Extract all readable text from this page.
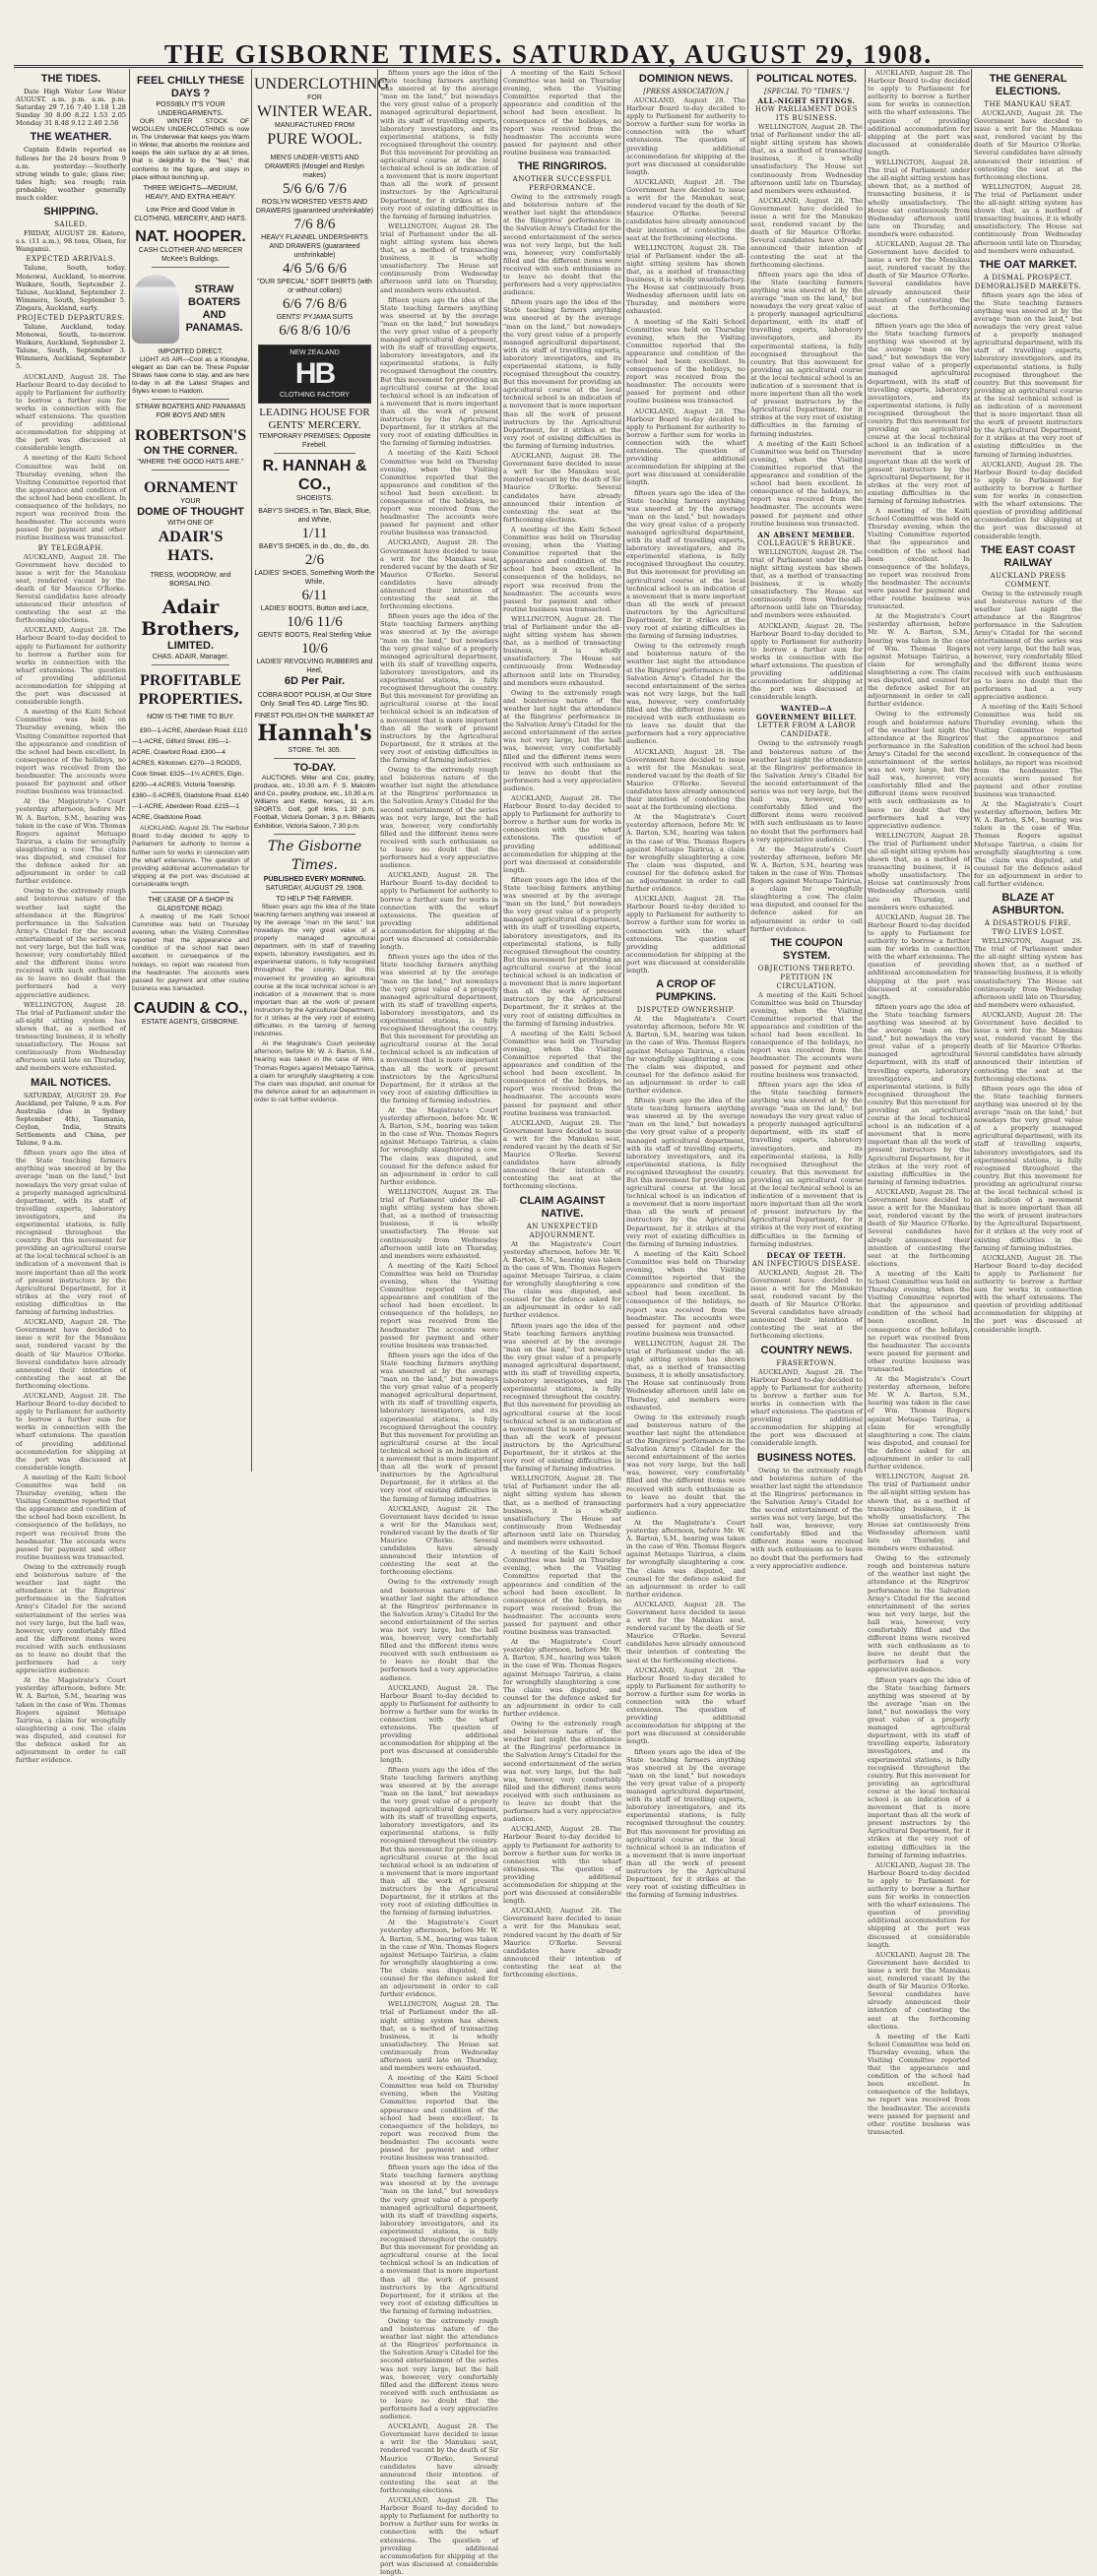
THE GISBORNE TIMES. SATURDAY, AUGUST 29, 1908.
THE TIDES.

Date High Water Low Water AUGUST. a.m. p.m. a.m. p.m. Saturday 29 7.16 7.40 1.18 1.28 Sunday 30 8.00 8.22 1.53 2.05 Monday 31 8.48 9.12 2.40 2.56

THE WEATHER.

Captain Edwin reported as follows for the 24 hours from 9 a.m. yesterday:—Southerly strong winds to gale; glass rise; tides high; sea rough; rain probable; weather generally much colder.

SHIPPING.
SAILED.

FRIDAY, AUGUST 28. Katoro, s.s. (11 a.m.), 98 tons, Olsen, for Wanganui.

EXPECTED ARRIVALS.

Talune, South, today. Monowai, Auckland, to-morrow. Waikare, South, September 2. Talune, Auckland, September 2. Wimmera, South, September 5. Zingara, Auckland, early.

PROJECTED DEPARTURES.

Talune, Auckland, today. Monowai, South, to-morrow. Waikare, Auckland, September 2. Talune, South, September 3. Wimmera, Auckland, September 5.

AUCKLAND, August 28. The Harbour Board to-day decided to apply to Parliament for authority to borrow a further sum for works in connection with the wharf extensions. The question of providing additional accommodation for shipping at the port was discussed at considerable length.

A meeting of the Kaiti School Committee was held on Thursday evening, when the Visiting Committee reported that the appearance and condition of the school had been excellent. In consequence of the holidays, no report was received from the headmaster. The accounts were passed for payment and other routine business was transacted.

BY TELEGRAPH.

AUCKLAND, August 28. The Government have decided to issue a writ for the Manukau seat, rendered vacant by the death of Sir Maurice O'Rorke. Several candidates have already announced their intention of contesting the seat at the forthcoming elections.

AUCKLAND, August 28. The Harbour Board to-day decided to apply to Parliament for authority to borrow a further sum for works in connection with the wharf extensions. The question of providing additional accommodation for shipping at the port was discussed at considerable length.

A meeting of the Kaiti School Committee was held on Thursday evening, when the Visiting Committee reported that the appearance and condition of the school had been excellent. In consequence of the holidays, no report was received from the headmaster. The accounts were passed for payment and other routine business was transacted.

At the Magistrate's Court yesterday afternoon, before Mr. W. A. Barton, S.M., hearing was taken in the case of Wm. Thomas Rogers against Metuapo Tairirua, a claim for wrongfully slaughtering a cow. The claim was disputed, and counsel for the defence asked for an adjournment in order to call further evidence.

Owing to the extremely rough and boisterous nature of the weather last night the attendance at the Ringriros' performance in the Salvation Army's Citadel for the second entertainment of the series was not very large, but the hall was, however, very comfortably filled and the different items were received with such enthusiasm as to leave no doubt that the performers had a very appreciative audience.

WELLINGTON, August 28. The trial of Parliament under the all-night sitting system has shown that, as a method of transacting business, it is wholly unsatisfactory. The House sat continuously from Wednesday afternoon until late on Thursday, and members were exhausted.

MAIL NOTICES.

SATURDAY, AUGUST 29. For Auckland, per Talune, 9 a.m. For Australia (due in Sydney September 4th), Tasmania, Ceylon, India, Straits Settlements and China, per Talune, 9 a.m.

fifteen years ago the idea of the State teaching farmers anything was sneered at by the average "man on the land," but nowadays the very great value of a properly managed agricultural department, with its staff of travelling experts, laboratory investigators, and its experimental stations, is fully recognised throughout the country. But this movement for providing an agricultural course at the local technical school is an indication of a movement that is more important than all the work of present instructors by the Agricultural Department, for it strikes at the very root of existing difficulties in the farming of farming industries.

AUCKLAND, August 28. The Government have decided to issue a writ for the Manukau seat, rendered vacant by the death of Sir Maurice O'Rorke. Several candidates have already announced their intention of contesting the seat at the forthcoming elections.

AUCKLAND, August 28. The Harbour Board to-day decided to apply to Parliament for authority to borrow a further sum for works in connection with the wharf extensions. The question of providing additional accommodation for shipping at the port was discussed at considerable length.

A meeting of the Kaiti School Committee was held on Thursday evening, when the Visiting Committee reported that the appearance and condition of the school had been excellent. In consequence of the holidays, no report was received from the headmaster. The accounts were passed for payment and other routine business was transacted.

Owing to the extremely rough and boisterous nature of the weather last night the attendance at the Ringriros' performance in the Salvation Army's Citadel for the second entertainment of the series was not very large, but the hall was, however, very comfortably filled and the different items were received with such enthusiasm as to leave no doubt that the performers had a very appreciative audience.

At the Magistrate's Court yesterday afternoon, before Mr. W. A. Barton, S.M., hearing was taken in the case of Wm. Thomas Rogers against Metuapo Tairirua, a claim for wrongfully slaughtering a cow. The claim was disputed, and counsel for the defence asked for an adjournment in order to call further evidence.

FEEL CHILLY THESE DAYS ?
POSSIBLY IT'S YOUR UNDERGARMENTS.

OUR WINTER STOCK OF WOOLLEN UNDERCLOTHING is now in. The Underwear that keeps you Warm in Winter, that absorbs the moisture and keeps the skin surface dry at all times, that is delightful to the "feel," that conforms to the figure, and stays in place without bunching up.

THREE WEIGHTS—MEDIUM, HEAVY, AND EXTRA HEAVY.
Low Price and Good Value in CLOTHING, MERCERY, AND HATS.
NAT. HOOPER.
CASH CLOTHIER AND MERCER McKee's Buildings.
STRAW BOATERS AND PANAMAS.
IMPORTED DIRECT.

LIGHT AS AIR—Cool as a Klondyke, elegant as Dan can be. These Popular Straws have come to stay, and are here to-day in all the Latest Shapes and Styles known to Hatdom.

STRAW BOATERS AND PANAMAS
FOR BOYS AND MEN
ROBERTSON'S
ON THE CORNER.
"WHERE THE GOOD HATS ARE."
ORNAMENT
YOUR
DOME OF THOUGHT
WITH ONE OF
ADAIR'S
HATS.
TRESS, WOODROW, and BORSALINO.
Adair Brothers,
LIMITED.
CHAS. ADAIR, Manager.
PROFITABLE PROPERTIES.
NOW IS THE TIME TO BUY.

£90—1-ACRE, Aberdeen Road. £110—1-ACRE, Gilford Street. £95—1-ACRE, Crawford Road. £300—4 ACRES, Kirkstown. £270—3 ROODS, Cook Street. £325—1½ ACRES, Elgin. £200—4 ACRES, Victoria Township. £380—5 ACRES, Gladstone Road. £140—1-ACRE, Aberdeen Road. £215—1 ACRE, Gladstone Road.

AUCKLAND, August 28. The Harbour Board to-day decided to apply to Parliament for authority to borrow a further sum for works in connection with the wharf extensions. The question of providing additional accommodation for shipping at the port was discussed at considerable length.

THE LEASE OF A SHOP IN GLADSTONE ROAD.

A meeting of the Kaiti School Committee was held on Thursday evening, when the Visiting Committee reported that the appearance and condition of the school had been excellent. In consequence of the holidays, no report was received from the headmaster. The accounts were passed for payment and other routine business was transacted.

CAUDIN & CO.,
ESTATE AGENTS, GISBORNE.
UNDERCLOTHING
FOR
WINTER WEAR.
MANUFACTURED FROM
PURE WOOL.
MEN'S UNDER-VESTS AND DRAWERS (Mosgiel and Roslyn makes)
5/6 6/6 7/6
ROSLYN WORSTED VESTS AND DRAWERS (guaranteed unshrinkable)
7/6 8/6
HEAVY FLANNEL UNDERSHIRTS AND DRAWERS (guaranteed unshrinkable)
4/6 5/6 6/6
"OUR SPECIAL" SOFT SHIRTS (with or without collars)
6/6 7/6 8/6
GENTS' PYJAMA SUITS
6/6 8/6 10/6
NEW ZEALAND
HB
CLOTHING FACTORY
LEADING HOUSE FOR GENTS' MERCERY.
TEMPORARY PREMISES: Opposite Firebell.
R. HANNAH & CO.,
SHOEISTS.
BABY'S SHOES, in Tan, Black, Blue, and White,
1/11
BABY'S SHOES, in do., do., do., do.
2/6
LADIES' SHOES, Something Worth the While,
6/11
LADIES' BOOTS, Button and Lace,
10/6 11/6
GENTS' BOOTS, Real Sterling Value
10/6
LADIES' REVOLVING RUBBERS and Heel,
6D Per Pair.
COBRA BOOT POLISH, at Our Store Only. Small Tins 4D. Large Tins 9D.
FINEST POLISH ON THE MARKET AT
Hannah's
STORE. Tel. 305.
TO-DAY.

AUCTIONS. Miller and Cox, poultry, produce, etc., 10.30 a.m. F. S. Malcolm and Co., poultry, produce, etc., 10.30 a.m. Williams and Kettle, horses, 11 a.m. SPORTS. Golf, golf links, 1.30 p.m. Football, Victoria Domain, 3 p.m. Billiards Exhibition, Victoria Saloon, 7.30 p.m.

The Gisborne Times.
PUBLISHED EVERY MORNING.
SATURDAY, AUGUST 29, 1908.
TO HELP THE FARMER.

fifteen years ago the idea of the State teaching farmers anything was sneered at by the average "man on the land," but nowadays the very great value of a properly managed agricultural department, with its staff of travelling experts, laboratory investigators, and its experimental stations, is fully recognised throughout the country. But this movement for providing an agricultural course at the local technical school is an indication of a movement that is more important than all the work of present instructors by the Agricultural Department, for it strikes at the very root of existing difficulties in the farming of farming industries.

At the Magistrate's Court yesterday afternoon, before Mr. W. A. Barton, S.M., hearing was taken in the case of Wm. Thomas Rogers against Metuapo Tairirua, a claim for wrongfully slaughtering a cow. The claim was disputed, and counsel for the defence asked for an adjournment in order to call further evidence.

fifteen years ago the idea of the State teaching farmers anything was sneered at by the average "man on the land," but nowadays the very great value of a properly managed agricultural department, with its staff of travelling experts, laboratory investigators, and its experimental stations, is fully recognised throughout the country. But this movement for providing an agricultural course at the local technical school is an indication of a movement that is more important than all the work of present instructors by the Agricultural Department, for it strikes at the very root of existing difficulties in the farming of farming industries.

WELLINGTON, August 28. The trial of Parliament under the all-night sitting system has shown that, as a method of transacting business, it is wholly unsatisfactory. The House sat continuously from Wednesday afternoon until late on Thursday, and members were exhausted.

fifteen years ago the idea of the State teaching farmers anything was sneered at by the average "man on the land," but nowadays the very great value of a properly managed agricultural department, with its staff of travelling experts, laboratory investigators, and its experimental stations, is fully recognised throughout the country. But this movement for providing an agricultural course at the local technical school is an indication of a movement that is more important than all the work of present instructors by the Agricultural Department, for it strikes at the very root of existing difficulties in the farming of farming industries.

A meeting of the Kaiti School Committee was held on Thursday evening, when the Visiting Committee reported that the appearance and condition of the school had been excellent. In consequence of the holidays, no report was received from the headmaster. The accounts were passed for payment and other routine business was transacted.

AUCKLAND, August 28. The Government have decided to issue a writ for the Manukau seat, rendered vacant by the death of Sir Maurice O'Rorke. Several candidates have already announced their intention of contesting the seat at the forthcoming elections.

fifteen years ago the idea of the State teaching farmers anything was sneered at by the average "man on the land," but nowadays the very great value of a properly managed agricultural department, with its staff of travelling experts, laboratory investigators, and its experimental stations, is fully recognised throughout the country. But this movement for providing an agricultural course at the local technical school is an indication of a movement that is more important than all the work of present instructors by the Agricultural Department, for it strikes at the very root of existing difficulties in the farming of farming industries.

Owing to the extremely rough and boisterous nature of the weather last night the attendance at the Ringriros' performance in the Salvation Army's Citadel for the second entertainment of the series was not very large, but the hall was, however, very comfortably filled and the different items were received with such enthusiasm as to leave no doubt that the performers had a very appreciative audience.

AUCKLAND, August 28. The Harbour Board to-day decided to apply to Parliament for authority to borrow a further sum for works in connection with the wharf extensions. The question of providing additional accommodation for shipping at the port was discussed at considerable length.

fifteen years ago the idea of the State teaching farmers anything was sneered at by the average "man on the land," but nowadays the very great value of a properly managed agricultural department, with its staff of travelling experts, laboratory investigators, and its experimental stations, is fully recognised throughout the country. But this movement for providing an agricultural course at the local technical school is an indication of a movement that is more important than all the work of present instructors by the Agricultural Department, for it strikes at the very root of existing difficulties in the farming of farming industries.

At the Magistrate's Court yesterday afternoon, before Mr. W. A. Barton, S.M., hearing was taken in the case of Wm. Thomas Rogers against Metuapo Tairirua, a claim for wrongfully slaughtering a cow. The claim was disputed, and counsel for the defence asked for an adjournment in order to call further evidence.

WELLINGTON, August 28. The trial of Parliament under the all-night sitting system has shown that, as a method of transacting business, it is wholly unsatisfactory. The House sat continuously from Wednesday afternoon until late on Thursday, and members were exhausted.

A meeting of the Kaiti School Committee was held on Thursday evening, when the Visiting Committee reported that the appearance and condition of the school had been excellent. In consequence of the holidays, no report was received from the headmaster. The accounts were passed for payment and other routine business was transacted.

fifteen years ago the idea of the State teaching farmers anything was sneered at by the average "man on the land," but nowadays the very great value of a properly managed agricultural department, with its staff of travelling experts, laboratory investigators, and its experimental stations, is fully recognised throughout the country. But this movement for providing an agricultural course at the local technical school is an indication of a movement that is more important than all the work of present instructors by the Agricultural Department, for it strikes at the very root of existing difficulties in the farming of farming industries.

AUCKLAND, August 28. The Government have decided to issue a writ for the Manukau seat, rendered vacant by the death of Sir Maurice O'Rorke. Several candidates have already announced their intention of contesting the seat at the forthcoming elections.

Owing to the extremely rough and boisterous nature of the weather last night the attendance at the Ringriros' performance in the Salvation Army's Citadel for the second entertainment of the series was not very large, but the hall was, however, very comfortably filled and the different items were received with such enthusiasm as to leave no doubt that the performers had a very appreciative audience.

AUCKLAND, August 28. The Harbour Board to-day decided to apply to Parliament for authority to borrow a further sum for works in connection with the wharf extensions. The question of providing additional accommodation for shipping at the port was discussed at considerable length.

fifteen years ago the idea of the State teaching farmers anything was sneered at by the average "man on the land," but nowadays the very great value of a properly managed agricultural department, with its staff of travelling experts, laboratory investigators, and its experimental stations, is fully recognised throughout the country. But this movement for providing an agricultural course at the local technical school is an indication of a movement that is more important than all the work of present instructors by the Agricultural Department, for it strikes at the very root of existing difficulties in the farming of farming industries.

At the Magistrate's Court yesterday afternoon, before Mr. W. A. Barton, S.M., hearing was taken in the case of Wm. Thomas Rogers against Metuapo Tairirua, a claim for wrongfully slaughtering a cow. The claim was disputed, and counsel for the defence asked for an adjournment in order to call further evidence.

WELLINGTON, August 28. The trial of Parliament under the all-night sitting system has shown that, as a method of transacting business, it is wholly unsatisfactory. The House sat continuously from Wednesday afternoon until late on Thursday, and members were exhausted.

A meeting of the Kaiti School Committee was held on Thursday evening, when the Visiting Committee reported that the appearance and condition of the school had been excellent. In consequence of the holidays, no report was received from the headmaster. The accounts were passed for payment and other routine business was transacted.

fifteen years ago the idea of the State teaching farmers anything was sneered at by the average "man on the land," but nowadays the very great value of a properly managed agricultural department, with its staff of travelling experts, laboratory investigators, and its experimental stations, is fully recognised throughout the country. But this movement for providing an agricultural course at the local technical school is an indication of a movement that is more important than all the work of present instructors by the Agricultural Department, for it strikes at the very root of existing difficulties in the farming of farming industries.

Owing to the extremely rough and boisterous nature of the weather last night the attendance at the Ringriros' performance in the Salvation Army's Citadel for the second entertainment of the series was not very large, but the hall was, however, very comfortably filled and the different items were received with such enthusiasm as to leave no doubt that the performers had a very appreciative audience.

AUCKLAND, August 28. The Government have decided to issue a writ for the Manukau seat, rendered vacant by the death of Sir Maurice O'Rorke. Several candidates have already announced their intention of contesting the seat at the forthcoming elections.

AUCKLAND, August 28. The Harbour Board to-day decided to apply to Parliament for authority to borrow a further sum for works in connection with the wharf extensions. The question of providing additional accommodation for shipping at the port was discussed at considerable length.

A meeting of the Kaiti School Committee was held on Thursday evening, when the Visiting Committee reported that the appearance and condition of the school had been excellent. In consequence of the holidays, no report was received from the headmaster. The accounts were passed for payment and other routine business was transacted.

THE RINGRIROS.
ANOTHER SUCCESSFUL PERFORMANCE.

Owing to the extremely rough and boisterous nature of the weather last night the attendance at the Ringriros' performance in the Salvation Army's Citadel for the second entertainment of the series was not very large, but the hall was, however, very comfortably filled and the different items were received with such enthusiasm as to leave no doubt that the performers had a very appreciative audience.

fifteen years ago the idea of the State teaching farmers anything was sneered at by the average "man on the land," but nowadays the very great value of a properly managed agricultural department, with its staff of travelling experts, laboratory investigators, and its experimental stations, is fully recognised throughout the country. But this movement for providing an agricultural course at the local technical school is an indication of a movement that is more important than all the work of present instructors by the Agricultural Department, for it strikes at the very root of existing difficulties in the farming of farming industries.

AUCKLAND, August 28. The Government have decided to issue a writ for the Manukau seat, rendered vacant by the death of Sir Maurice O'Rorke. Several candidates have already announced their intention of contesting the seat at the forthcoming elections.

A meeting of the Kaiti School Committee was held on Thursday evening, when the Visiting Committee reported that the appearance and condition of the school had been excellent. In consequence of the holidays, no report was received from the headmaster. The accounts were passed for payment and other routine business was transacted.

WELLINGTON, August 28. The trial of Parliament under the all-night sitting system has shown that, as a method of transacting business, it is wholly unsatisfactory. The House sat continuously from Wednesday afternoon until late on Thursday, and members were exhausted.

Owing to the extremely rough and boisterous nature of the weather last night the attendance at the Ringriros' performance in the Salvation Army's Citadel for the second entertainment of the series was not very large, but the hall was, however, very comfortably filled and the different items were received with such enthusiasm as to leave no doubt that the performers had a very appreciative audience.

AUCKLAND, August 28. The Harbour Board to-day decided to apply to Parliament for authority to borrow a further sum for works in connection with the wharf extensions. The question of providing additional accommodation for shipping at the port was discussed at considerable length.

fifteen years ago the idea of the State teaching farmers anything was sneered at by the average "man on the land," but nowadays the very great value of a properly managed agricultural department, with its staff of travelling experts, laboratory investigators, and its experimental stations, is fully recognised throughout the country. But this movement for providing an agricultural course at the local technical school is an indication of a movement that is more important than all the work of present instructors by the Agricultural Department, for it strikes at the very root of existing difficulties in the farming of farming industries.

A meeting of the Kaiti School Committee was held on Thursday evening, when the Visiting Committee reported that the appearance and condition of the school had been excellent. In consequence of the holidays, no report was received from the headmaster. The accounts were passed for payment and other routine business was transacted.

AUCKLAND, August 28. The Government have decided to issue a writ for the Manukau seat, rendered vacant by the death of Sir Maurice O'Rorke. Several candidates have already announced their intention of contesting the seat at the forthcoming elections.

CLAIM AGAINST NATIVE.
AN UNEXPECTED ADJOURNMENT.

At the Magistrate's Court yesterday afternoon, before Mr. W. A. Barton, S.M., hearing was taken in the case of Wm. Thomas Rogers against Metuapo Tairirua, a claim for wrongfully slaughtering a cow. The claim was disputed, and counsel for the defence asked for an adjournment in order to call further evidence.

fifteen years ago the idea of the State teaching farmers anything was sneered at by the average "man on the land," but nowadays the very great value of a properly managed agricultural department, with its staff of travelling experts, laboratory investigators, and its experimental stations, is fully recognised throughout the country. But this movement for providing an agricultural course at the local technical school is an indication of a movement that is more important than all the work of present instructors by the Agricultural Department, for it strikes at the very root of existing difficulties in the farming of farming industries.

WELLINGTON, August 28. The trial of Parliament under the all-night sitting system has shown that, as a method of transacting business, it is wholly unsatisfactory. The House sat continuously from Wednesday afternoon until late on Thursday, and members were exhausted.

A meeting of the Kaiti School Committee was held on Thursday evening, when the Visiting Committee reported that the appearance and condition of the school had been excellent. In consequence of the holidays, no report was received from the headmaster. The accounts were passed for payment and other routine business was transacted.

At the Magistrate's Court yesterday afternoon, before Mr. W. A. Barton, S.M., hearing was taken in the case of Wm. Thomas Rogers against Metuapo Tairirua, a claim for wrongfully slaughtering a cow. The claim was disputed, and counsel for the defence asked for an adjournment in order to call further evidence.

Owing to the extremely rough and boisterous nature of the weather last night the attendance at the Ringriros' performance in the Salvation Army's Citadel for the second entertainment of the series was not very large, but the hall was, however, very comfortably filled and the different items were received with such enthusiasm as to leave no doubt that the performers had a very appreciative audience.

AUCKLAND, August 28. The Harbour Board to-day decided to apply to Parliament for authority to borrow a further sum for works in connection with the wharf extensions. The question of providing additional accommodation for shipping at the port was discussed at considerable length.

AUCKLAND, August 28. The Government have decided to issue a writ for the Manukau seat, rendered vacant by the death of Sir Maurice O'Rorke. Several candidates have already announced their intention of contesting the seat at the forthcoming elections.

DOMINION NEWS.
[PRESS ASSOCIATION.]

AUCKLAND, August 28. The Harbour Board to-day decided to apply to Parliament for authority to borrow a further sum for works in connection with the wharf extensions. The question of providing additional accommodation for shipping at the port was discussed at considerable length.

AUCKLAND, August 28. The Government have decided to issue a writ for the Manukau seat, rendered vacant by the death of Sir Maurice O'Rorke. Several candidates have already announced their intention of contesting the seat at the forthcoming elections.

WELLINGTON, August 28. The trial of Parliament under the all-night sitting system has shown that, as a method of transacting business, it is wholly unsatisfactory. The House sat continuously from Wednesday afternoon until late on Thursday, and members were exhausted.

A meeting of the Kaiti School Committee was held on Thursday evening, when the Visiting Committee reported that the appearance and condition of the school had been excellent. In consequence of the holidays, no report was received from the headmaster. The accounts were passed for payment and other routine business was transacted.

AUCKLAND, August 28. The Harbour Board to-day decided to apply to Parliament for authority to borrow a further sum for works in connection with the wharf extensions. The question of providing additional accommodation for shipping at the port was discussed at considerable length.

fifteen years ago the idea of the State teaching farmers anything was sneered at by the average "man on the land," but nowadays the very great value of a properly managed agricultural department, with its staff of travelling experts, laboratory investigators, and its experimental stations, is fully recognised throughout the country. But this movement for providing an agricultural course at the local technical school is an indication of a movement that is more important than all the work of present instructors by the Agricultural Department, for it strikes at the very root of existing difficulties in the farming of farming industries.

Owing to the extremely rough and boisterous nature of the weather last night the attendance at the Ringriros' performance in the Salvation Army's Citadel for the second entertainment of the series was not very large, but the hall was, however, very comfortably filled and the different items were received with such enthusiasm as to leave no doubt that the performers had a very appreciative audience.

AUCKLAND, August 28. The Government have decided to issue a writ for the Manukau seat, rendered vacant by the death of Sir Maurice O'Rorke. Several candidates have already announced their intention of contesting the seat at the forthcoming elections.

At the Magistrate's Court yesterday afternoon, before Mr. W. A. Barton, S.M., hearing was taken in the case of Wm. Thomas Rogers against Metuapo Tairirua, a claim for wrongfully slaughtering a cow. The claim was disputed, and counsel for the defence asked for an adjournment in order to call further evidence.

AUCKLAND, August 28. The Harbour Board to-day decided to apply to Parliament for authority to borrow a further sum for works in connection with the wharf extensions. The question of providing additional accommodation for shipping at the port was discussed at considerable length.

A CROP OF PUMPKINS.
DISPUTED OWNERSHIP.

At the Magistrate's Court yesterday afternoon, before Mr. W. A. Barton, S.M., hearing was taken in the case of Wm. Thomas Rogers against Metuapo Tairirua, a claim for wrongfully slaughtering a cow. The claim was disputed, and counsel for the defence asked for an adjournment in order to call further evidence.

fifteen years ago the idea of the State teaching farmers anything was sneered at by the average "man on the land," but nowadays the very great value of a properly managed agricultural department, with its staff of travelling experts, laboratory investigators, and its experimental stations, is fully recognised throughout the country. But this movement for providing an agricultural course at the local technical school is an indication of a movement that is more important than all the work of present instructors by the Agricultural Department, for it strikes at the very root of existing difficulties in the farming of farming industries.

A meeting of the Kaiti School Committee was held on Thursday evening, when the Visiting Committee reported that the appearance and condition of the school had been excellent. In consequence of the holidays, no report was received from the headmaster. The accounts were passed for payment and other routine business was transacted.

WELLINGTON, August 28. The trial of Parliament under the all-night sitting system has shown that, as a method of transacting business, it is wholly unsatisfactory. The House sat continuously from Wednesday afternoon until late on Thursday, and members were exhausted.

Owing to the extremely rough and boisterous nature of the weather last night the attendance at the Ringriros' performance in the Salvation Army's Citadel for the second entertainment of the series was not very large, but the hall was, however, very comfortably filled and the different items were received with such enthusiasm as to leave no doubt that the performers had a very appreciative audience.

At the Magistrate's Court yesterday afternoon, before Mr. W. A. Barton, S.M., hearing was taken in the case of Wm. Thomas Rogers against Metuapo Tairirua, a claim for wrongfully slaughtering a cow. The claim was disputed, and counsel for the defence asked for an adjournment in order to call further evidence.

AUCKLAND, August 28. The Government have decided to issue a writ for the Manukau seat, rendered vacant by the death of Sir Maurice O'Rorke. Several candidates have already announced their intention of contesting the seat at the forthcoming elections.

AUCKLAND, August 28. The Harbour Board to-day decided to apply to Parliament for authority to borrow a further sum for works in connection with the wharf extensions. The question of providing additional accommodation for shipping at the port was discussed at considerable length.

fifteen years ago the idea of the State teaching farmers anything was sneered at by the average "man on the land," but nowadays the very great value of a properly managed agricultural department, with its staff of travelling experts, laboratory investigators, and its experimental stations, is fully recognised throughout the country. But this movement for providing an agricultural course at the local technical school is an indication of a movement that is more important than all the work of present instructors by the Agricultural Department, for it strikes at the very root of existing difficulties in the farming of farming industries.

POLITICAL NOTES.
[SPECIAL TO "TIMES."]
ALL-NIGHT SITTINGS.
HOW PARLIAMENT DOES ITS BUSINESS.

WELLINGTON, August 28. The trial of Parliament under the all-night sitting system has shown that, as a method of transacting business, it is wholly unsatisfactory. The House sat continuously from Wednesday afternoon until late on Thursday, and members were exhausted.

AUCKLAND, August 28. The Government have decided to issue a writ for the Manukau seat, rendered vacant by the death of Sir Maurice O'Rorke. Several candidates have already announced their intention of contesting the seat at the forthcoming elections.

fifteen years ago the idea of the State teaching farmers anything was sneered at by the average "man on the land," but nowadays the very great value of a properly managed agricultural department, with its staff of travelling experts, laboratory investigators, and its experimental stations, is fully recognised throughout the country. But this movement for providing an agricultural course at the local technical school is an indication of a movement that is more important than all the work of present instructors by the Agricultural Department, for it strikes at the very root of existing difficulties in the farming of farming industries.

A meeting of the Kaiti School Committee was held on Thursday evening, when the Visiting Committee reported that the appearance and condition of the school had been excellent. In consequence of the holidays, no report was received from the headmaster. The accounts were passed for payment and other routine business was transacted.

AN ABSENT MEMBER.
COLLEAGUE'S REBUKE.

WELLINGTON, August 28. The trial of Parliament under the all-night sitting system has shown that, as a method of transacting business, it is wholly unsatisfactory. The House sat continuously from Wednesday afternoon until late on Thursday, and members were exhausted.

AUCKLAND, August 28. The Harbour Board to-day decided to apply to Parliament for authority to borrow a further sum for works in connection with the wharf extensions. The question of providing additional accommodation for shipping at the port was discussed at considerable length.

WANTED—A GOVERNMENT BILLET.
LETTER FROM A LABOR CANDIDATE.

Owing to the extremely rough and boisterous nature of the weather last night the attendance at the Ringriros' performance in the Salvation Army's Citadel for the second entertainment of the series was not very large, but the hall was, however, very comfortably filled and the different items were received with such enthusiasm as to leave no doubt that the performers had a very appreciative audience.

At the Magistrate's Court yesterday afternoon, before Mr. W. A. Barton, S.M., hearing was taken in the case of Wm. Thomas Rogers against Metuapo Tairirua, a claim for wrongfully slaughtering a cow. The claim was disputed, and counsel for the defence asked for an adjournment in order to call further evidence.

THE COUPON SYSTEM.
OBJECTIONS THERETO.
PETITION IN CIRCULATION.

A meeting of the Kaiti School Committee was held on Thursday evening, when the Visiting Committee reported that the appearance and condition of the school had been excellent. In consequence of the holidays, no report was received from the headmaster. The accounts were passed for payment and other routine business was transacted.

fifteen years ago the idea of the State teaching farmers anything was sneered at by the average "man on the land," but nowadays the very great value of a properly managed agricultural department, with its staff of travelling experts, laboratory investigators, and its experimental stations, is fully recognised throughout the country. But this movement for providing an agricultural course at the local technical school is an indication of a movement that is more important than all the work of present instructors by the Agricultural Department, for it strikes at the very root of existing difficulties in the farming of farming industries.

DECAY OF TEETH.
AN INFECTIOUS DISEASE.

AUCKLAND, August 28. The Government have decided to issue a writ for the Manukau seat, rendered vacant by the death of Sir Maurice O'Rorke. Several candidates have already announced their intention of contesting the seat at the forthcoming elections.

COUNTRY NEWS.
FRASERTOWN.

AUCKLAND, August 28. The Harbour Board to-day decided to apply to Parliament for authority to borrow a further sum for works in connection with the wharf extensions. The question of providing additional accommodation for shipping at the port was discussed at considerable length.

BUSINESS NOTES.

Owing to the extremely rough and boisterous nature of the weather last night the attendance at the Ringriros' performance in the Salvation Army's Citadel for the second entertainment of the series was not very large, but the hall was, however, very comfortably filled and the different items were received with such enthusiasm as to leave no doubt that the performers had a very appreciative audience.

AUCKLAND, August 28. The Harbour Board to-day decided to apply to Parliament for authority to borrow a further sum for works in connection with the wharf extensions. The question of providing additional accommodation for shipping at the port was discussed at considerable length.

WELLINGTON, August 28. The trial of Parliament under the all-night sitting system has shown that, as a method of transacting business, it is wholly unsatisfactory. The House sat continuously from Wednesday afternoon until late on Thursday, and members were exhausted.

AUCKLAND, August 28. The Government have decided to issue a writ for the Manukau seat, rendered vacant by the death of Sir Maurice O'Rorke. Several candidates have already announced their intention of contesting the seat at the forthcoming elections.

fifteen years ago the idea of the State teaching farmers anything was sneered at by the average "man on the land," but nowadays the very great value of a properly managed agricultural department, with its staff of travelling experts, laboratory investigators, and its experimental stations, is fully recognised throughout the country. But this movement for providing an agricultural course at the local technical school is an indication of a movement that is more important than all the work of present instructors by the Agricultural Department, for it strikes at the very root of existing difficulties in the farming of farming industries.

A meeting of the Kaiti School Committee was held on Thursday evening, when the Visiting Committee reported that the appearance and condition of the school had been excellent. In consequence of the holidays, no report was received from the headmaster. The accounts were passed for payment and other routine business was transacted.

At the Magistrate's Court yesterday afternoon, before Mr. W. A. Barton, S.M., hearing was taken in the case of Wm. Thomas Rogers against Metuapo Tairirua, a claim for wrongfully slaughtering a cow. The claim was disputed, and counsel for the defence asked for an adjournment in order to call further evidence.

Owing to the extremely rough and boisterous nature of the weather last night the attendance at the Ringriros' performance in the Salvation Army's Citadel for the second entertainment of the series was not very large, but the hall was, however, very comfortably filled and the different items were received with such enthusiasm as to leave no doubt that the performers had a very appreciative audience.

WELLINGTON, August 28. The trial of Parliament under the all-night sitting system has shown that, as a method of transacting business, it is wholly unsatisfactory. The House sat continuously from Wednesday afternoon until late on Thursday, and members were exhausted.

AUCKLAND, August 28. The Harbour Board to-day decided to apply to Parliament for authority to borrow a further sum for works in connection with the wharf extensions. The question of providing additional accommodation for shipping at the port was discussed at considerable length.

fifteen years ago the idea of the State teaching farmers anything was sneered at by the average "man on the land," but nowadays the very great value of a properly managed agricultural department, with its staff of travelling experts, laboratory investigators, and its experimental stations, is fully recognised throughout the country. But this movement for providing an agricultural course at the local technical school is an indication of a movement that is more important than all the work of present instructors by the Agricultural Department, for it strikes at the very root of existing difficulties in the farming of farming industries.

AUCKLAND, August 28. The Government have decided to issue a writ for the Manukau seat, rendered vacant by the death of Sir Maurice O'Rorke. Several candidates have already announced their intention of contesting the seat at the forthcoming elections.

A meeting of the Kaiti School Committee was held on Thursday evening, when the Visiting Committee reported that the appearance and condition of the school had been excellent. In consequence of the holidays, no report was received from the headmaster. The accounts were passed for payment and other routine business was transacted.

At the Magistrate's Court yesterday afternoon, before Mr. W. A. Barton, S.M., hearing was taken in the case of Wm. Thomas Rogers against Metuapo Tairirua, a claim for wrongfully slaughtering a cow. The claim was disputed, and counsel for the defence asked for an adjournment in order to call further evidence.

WELLINGTON, August 28. The trial of Parliament under the all-night sitting system has shown that, as a method of transacting business, it is wholly unsatisfactory. The House sat continuously from Wednesday afternoon until late on Thursday, and members were exhausted.

Owing to the extremely rough and boisterous nature of the weather last night the attendance at the Ringriros' performance in the Salvation Army's Citadel for the second entertainment of the series was not very large, but the hall was, however, very comfortably filled and the different items were received with such enthusiasm as to leave no doubt that the performers had a very appreciative audience.

fifteen years ago the idea of the State teaching farmers anything was sneered at by the average "man on the land," but nowadays the very great value of a properly managed agricultural department, with its staff of travelling experts, laboratory investigators, and its experimental stations, is fully recognised throughout the country. But this movement for providing an agricultural course at the local technical school is an indication of a movement that is more important than all the work of present instructors by the Agricultural Department, for it strikes at the very root of existing difficulties in the farming of farming industries.

AUCKLAND, August 28. The Harbour Board to-day decided to apply to Parliament for authority to borrow a further sum for works in connection with the wharf extensions. The question of providing additional accommodation for shipping at the port was discussed at considerable length.

AUCKLAND, August 28. The Government have decided to issue a writ for the Manukau seat, rendered vacant by the death of Sir Maurice O'Rorke. Several candidates have already announced their intention of contesting the seat at the forthcoming elections.

A meeting of the Kaiti School Committee was held on Thursday evening, when the Visiting Committee reported that the appearance and condition of the school had been excellent. In consequence of the holidays, no report was received from the headmaster. The accounts were passed for payment and other routine business was transacted.

THE GENERAL ELECTIONS.
THE MANUKAU SEAT.

AUCKLAND, August 28. The Government have decided to issue a writ for the Manukau seat, rendered vacant by the death of Sir Maurice O'Rorke. Several candidates have already announced their intention of contesting the seat at the forthcoming elections.

WELLINGTON, August 28. The trial of Parliament under the all-night sitting system has shown that, as a method of transacting business, it is wholly unsatisfactory. The House sat continuously from Wednesday afternoon until late on Thursday, and members were exhausted.

THE OAT MARKET.
A DISMAL PROSPECT.
DEMORALISED MARKETS.

fifteen years ago the idea of the State teaching farmers anything was sneered at by the average "man on the land," but nowadays the very great value of a properly managed agricultural department, with its staff of travelling experts, laboratory investigators, and its experimental stations, is fully recognised throughout the country. But this movement for providing an agricultural course at the local technical school is an indication of a movement that is more important than all the work of present instructors by the Agricultural Department, for it strikes at the very root of existing difficulties in the farming of farming industries.

AUCKLAND, August 28. The Harbour Board to-day decided to apply to Parliament for authority to borrow a further sum for works in connection with the wharf extensions. The question of providing additional accommodation for shipping at the port was discussed at considerable length.

THE EAST COAST RAILWAY
AUCKLAND PRESS COMMENT.

Owing to the extremely rough and boisterous nature of the weather last night the attendance at the Ringriros' performance in the Salvation Army's Citadel for the second entertainment of the series was not very large, but the hall was, however, very comfortably filled and the different items were received with such enthusiasm as to leave no doubt that the performers had a very appreciative audience.

A meeting of the Kaiti School Committee was held on Thursday evening, when the Visiting Committee reported that the appearance and condition of the school had been excellent. In consequence of the holidays, no report was received from the headmaster. The accounts were passed for payment and other routine business was transacted.

At the Magistrate's Court yesterday afternoon, before Mr. W. A. Barton, S.M., hearing was taken in the case of Wm. Thomas Rogers against Metuapo Tairirua, a claim for wrongfully slaughtering a cow. The claim was disputed, and counsel for the defence asked for an adjournment in order to call further evidence.

BLAZE AT ASHBURTON.
A DISASTROUS FIRE.
TWO LIVES LOST.

WELLINGTON, August 28. The trial of Parliament under the all-night sitting system has shown that, as a method of transacting business, it is wholly unsatisfactory. The House sat continuously from Wednesday afternoon until late on Thursday, and members were exhausted.

AUCKLAND, August 28. The Government have decided to issue a writ for the Manukau seat, rendered vacant by the death of Sir Maurice O'Rorke. Several candidates have already announced their intention of contesting the seat at the forthcoming elections.

fifteen years ago the idea of the State teaching farmers anything was sneered at by the average "man on the land," but nowadays the very great value of a properly managed agricultural department, with its staff of travelling experts, laboratory investigators, and its experimental stations, is fully recognised throughout the country. But this movement for providing an agricultural course at the local technical school is an indication of a movement that is more important than all the work of present instructors by the Agricultural Department, for it strikes at the very root of existing difficulties in the farming of farming industries.

AUCKLAND, August 28. The Harbour Board to-day decided to apply to Parliament for authority to borrow a further sum for works in connection with the wharf extensions. The question of providing additional accommodation for shipping at the port was discussed at considerable length.
